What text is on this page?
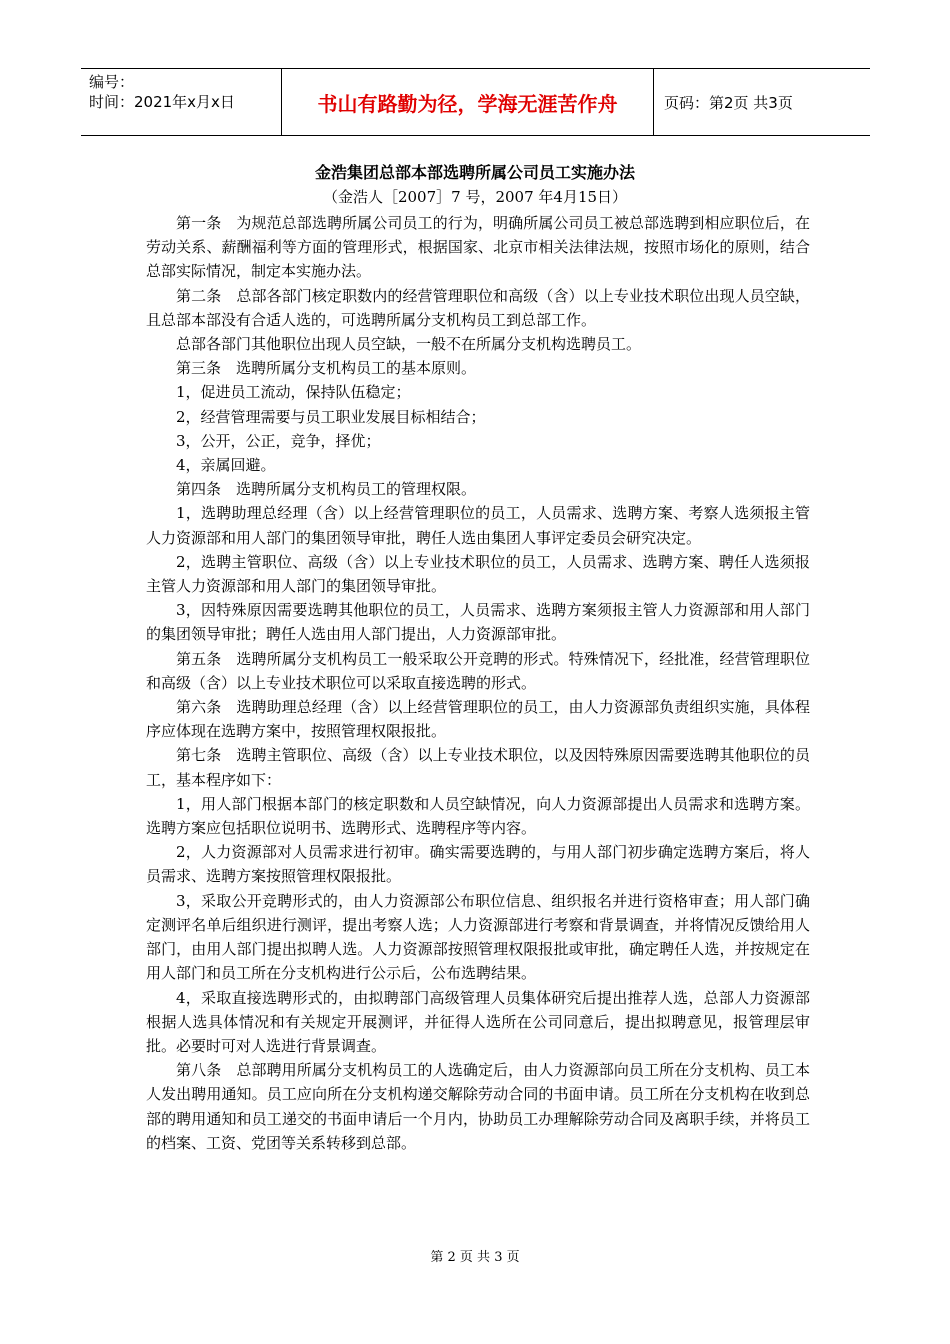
编号：
时间：2021年x月x日	书山有路勤为径，学海无涯苦作舟	页码：第2页 共3页
金浩集团总部本部选聘所属公司员工实施办法
（金浩人［2007］7 号，2007 年4月15日）

第一条　为规范总部选聘所属公司员工的行为，明确所属公司员工被总部选聘到相应职位后，在劳动关系、薪酬福利等方面的管理形式，根据国家、北京市相关法律法规，按照市场化的原则，结合总部实际情况，制定本实施办法。

第二条　总部各部门核定职数内的经营管理职位和高级（含）以上专业技术职位出现人员空缺，且总部本部没有合适人选的，可选聘所属分支机构员工到总部工作。

总部各部门其他职位出现人员空缺，一般不在所属分支机构选聘员工。

第三条　选聘所属分支机构员工的基本原则。

1，促进员工流动，保持队伍稳定；

2，经营管理需要与员工职业发展目标相结合；

3，公开，公正，竞争，择优；

4，亲属回避。

第四条　选聘所属分支机构员工的管理权限。

1，选聘助理总经理（含）以上经营管理职位的员工，人员需求、选聘方案、考察人选须报主管人力资源部和用人部门的集团领导审批，聘任人选由集团人事评定委员会研究决定。

2，选聘主管职位、高级（含）以上专业技术职位的员工，人员需求、选聘方案、聘任人选须报主管人力资源部和用人部门的集团领导审批。

3，因特殊原因需要选聘其他职位的员工，人员需求、选聘方案须报主管人力资源部和用人部门的集团领导审批；聘任人选由用人部门提出，人力资源部审批。

第五条　选聘所属分支机构员工一般采取公开竞聘的形式。特殊情况下，经批准，经营管理职位和高级（含）以上专业技术职位可以采取直接选聘的形式。

第六条　选聘助理总经理（含）以上经营管理职位的员工，由人力资源部负责组织实施，具体程序应体现在选聘方案中，按照管理权限报批。

第七条　选聘主管职位、高级（含）以上专业技术职位，以及因特殊原因需要选聘其他职位的员工，基本程序如下：

1，用人部门根据本部门的核定职数和人员空缺情况，向人力资源部提出人员需求和选聘方案。选聘方案应包括职位说明书、选聘形式、选聘程序等内容。

2，人力资源部对人员需求进行初审。确实需要选聘的，与用人部门初步确定选聘方案后，将人员需求、选聘方案按照管理权限报批。

3，采取公开竞聘形式的，由人力资源部公布职位信息、组织报名并进行资格审查；用人部门确定测评名单后组织进行测评，提出考察人选；人力资源部进行考察和背景调查，并将情况反馈给用人部门，由用人部门提出拟聘人选。人力资源部按照管理权限报批或审批，确定聘任人选，并按规定在用人部门和员工所在分支机构进行公示后，公布选聘结果。

4，采取直接选聘形式的，由拟聘部门高级管理人员集体研究后提出推荐人选，总部人力资源部根据人选具体情况和有关规定开展测评，并征得人选所在公司同意后，提出拟聘意见，报管理层审批。必要时可对人选进行背景调查。

第八条　总部聘用所属分支机构员工的人选确定后，由人力资源部向员工所在分支机构、员工本人发出聘用通知。员工应向所在分支机构递交解除劳动合同的书面申请。员工所在分支机构在收到总部的聘用通知和员工递交的书面申请后一个月内，协助员工办理解除劳动合同及离职手续，并将员工的档案、工资、党团等关系转移到总部。

第 2 页 共 3 页
